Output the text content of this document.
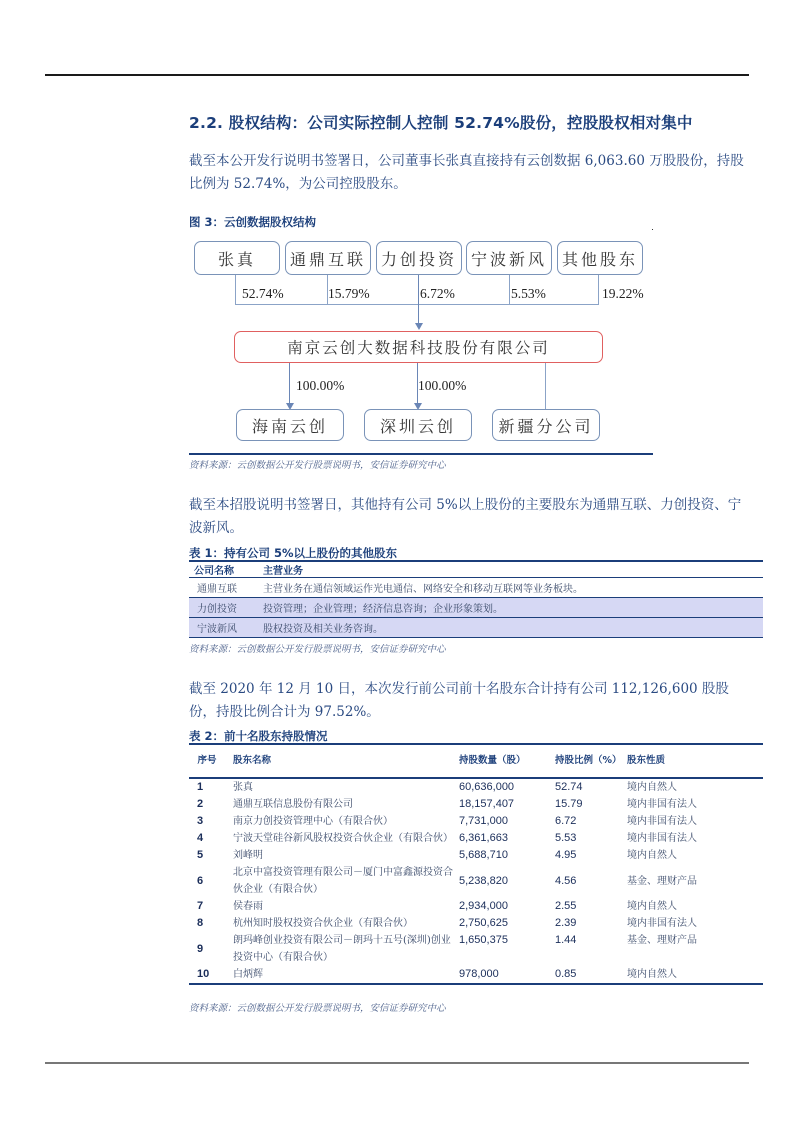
2.2. 股权结构：公司实际控制人控制 52.74%股份，控股股权相对集中
截至本公开发行说明书签署日，公司董事长张真直接持有云创数据 6,063.60 万股股份，持股比例为 52.74%，为公司控股股东。
图 3：云创数据股权结构
张真	通鼎互联 力创投资 宁波新风 其他股东
52.74%	15.79%	6.72%	5.53%	19.22%
南京云创大数据科技股份有限公司
100.00%	100.00%
海南云创	深圳云创	新疆分公司
资料来源：云创数据公开发行股票说明书，安信证券研究中心
截至本招股说明书签署日，其他持有公司 5%以上股份的主要股东为通鼎互联、力创投资、宁波新风。
表 1：持有公司 5%以上股份的其他股东
公司名称	主营业务
通鼎互联	主营业务在通信领域运作光电通信、网络安全和移动互联网等业务板块。
力创投资	投资管理；企业管理；经济信息咨询；企业形象策划。
宁波新风	股权投资及相关业务咨询。
资料来源：云创数据公开发行股票说明书，安信证券研究中心
截至 2020 年 12 月 10 日，本次发行前公司前十名股东合计持有公司 112,126,600 股股份，持股比例合计为 97.52%。
表 2：前十名股东持股情况
序号	股东名称	持股数量（股）	持股比例（%）	股东性质
1	张真	60,636,000	52.74	境内自然人
2	通鼎互联信息股份有限公司	18,157,407	15.79	境内非国有法人
3	南京力创投资管理中心（有限合伙）	7,731,000	6.72	境内非国有法人
4	宁波天堂硅谷新风股权投资合伙企业（有限合伙）	6,361,663	5.53	境内非国有法人
5	刘峰明	5,688,710	4.95	境内自然人
6	北京中富投资管理有限公司－厦门中富鑫源投资合伙企业（有限合伙）	5,238,820	4.56	基金、理财产品
7	侯春雨	2,934,000	2.55	境内自然人
8	杭州知时股权投资合伙企业（有限合伙）	2,750,625	2.39	境内非国有法人
9	朗玛峰创业投资有限公司－朗玛十五号(深圳)创业投资中心（有限合伙）	1,650,375	1.44	基金、理财产品
10	白炳辉	978,000	0.85	境内自然人
资料来源：云创数据公开发行股票说明书，安信证券研究中心
